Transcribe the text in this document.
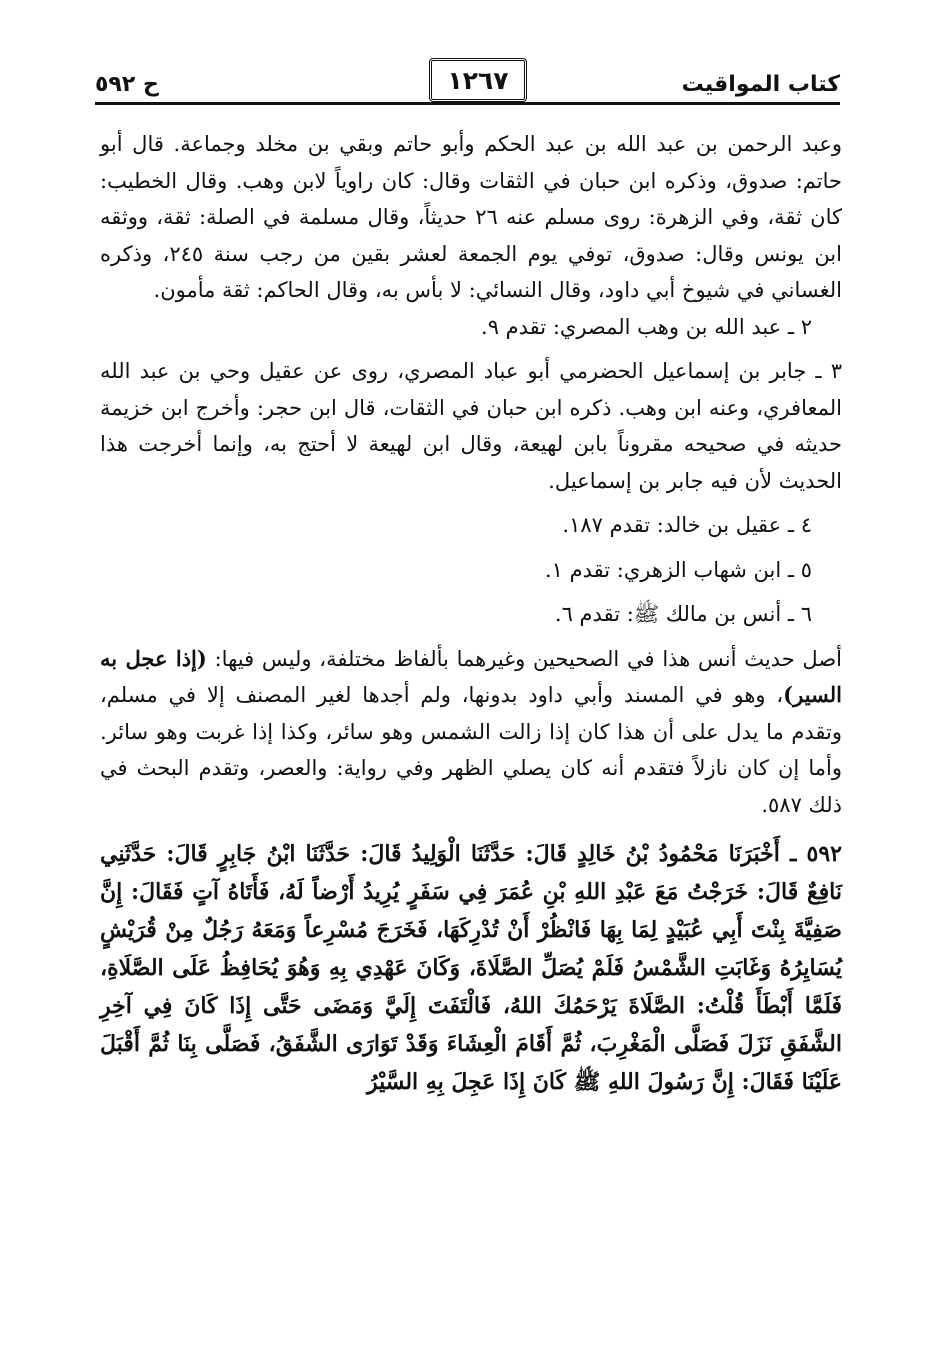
كتاب المواقيت
١٢٦٧
ح ٥٩٢

وعبد الرحمن بن عبد الله بن عبد الحكم وأبو حاتم وبقي بن مخلد وجماعة. قال أبو حاتم: صدوق، وذكره ابن حبان في الثقات وقال: كان راوياً لابن وهب. وقال الخطيب: كان ثقة، وفي الزهرة: روى مسلم عنه ٢٦ حديثاً، وقال مسلمة في الصلة: ثقة، ووثقه ابن يونس وقال: صدوق، توفي يوم الجمعة لعشر بقين من رجب سنة ٢٤٥، وذكره الغساني في شيوخ أبي داود، وقال النسائي: لا بأس به، وقال الحاكم: ثقة مأمون.

٢ ـ عبد الله بن وهب المصري: تقدم ٩.

٣ ـ جابر بن إسماعيل الحضرمي أبو عباد المصري، روى عن عقيل وحي بن عبد الله المعافري، وعنه ابن وهب. ذكره ابن حبان في الثقات، قال ابن حجر: وأخرج ابن خزيمة حديثه في صحيحه مقروناً بابن لهيعة، وقال ابن لهيعة لا أحتج به، وإنما أخرجت هذا الحديث لأن فيه جابر بن إسماعيل.

٤ ـ عقيل بن خالد: تقدم ١٨٧.

٥ ـ ابن شهاب الزهري: تقدم ١.

٦ ـ أنس بن مالك ﷺ: تقدم ٦.

أصل حديث أنس هذا في الصحيحين وغيرهما بألفاظ مختلفة، وليس فيها: (إذا عجل به السير)، وهو في المسند وأبي داود بدونها، ولم أجدها لغير المصنف إلا في مسلم، وتقدم ما يدل على أن هذا كان إذا زالت الشمس وهو سائر، وكذا إذا غربت وهو سائر. وأما إن كان نازلاً فتقدم أنه كان يصلي الظهر وفي رواية: والعصر، وتقدم البحث في ذلك ٥٨٧.

٥٩٢ ـ أَخْبَرَنَا مَحْمُودُ بْنُ خَالِدٍ قَالَ: حَدَّثَنَا الْوَلِيدُ قَالَ: حَدَّثَنَا ابْنُ جَابِرٍ قَالَ: حَدَّثَنِي نَافِعٌ قَالَ: خَرَجْتُ مَعَ عَبْدِ اللهِ بْنِ عُمَرَ فِي سَفَرٍ يُرِيدُ أَرْضاً لَهُ، فَأَتَاهُ آتٍ فَقَالَ: إِنَّ صَفِيَّةَ بِنْتَ أَبِي عُبَيْدٍ لِمَا بِهَا فَانْظُرْ أَنْ تُدْرِكَهَا، فَخَرَجَ مُسْرِعاً وَمَعَهُ رَجُلٌ مِنْ قُرَيْشٍ يُسَايِرُهُ وَغَابَتِ الشَّمْسُ فَلَمْ يُصَلِّ الصَّلَاةَ، وَكَانَ عَهْدِي بِهِ وَهُوَ يُحَافِظُ عَلَى الصَّلَاةِ، فَلَمَّا أَبْطَأَ قُلْتُ: الصَّلَاةَ يَرْحَمُكَ اللهُ، فَالْتَفَتَ إِلَيَّ وَمَضَى حَتَّى إِذَا كَانَ فِي آخِرِ الشَّفَقِ نَزَلَ فَصَلَّى الْمَغْرِبَ، ثُمَّ أَقَامَ الْعِشَاءَ وَقَدْ تَوَارَى الشَّفَقُ، فَصَلَّى بِنَا ثُمَّ أَقْبَلَ عَلَيْنَا فَقَالَ: إِنَّ رَسُولَ اللهِ ﷺ كَانَ إِذَا عَجِلَ بِهِ السَّيْرُ
